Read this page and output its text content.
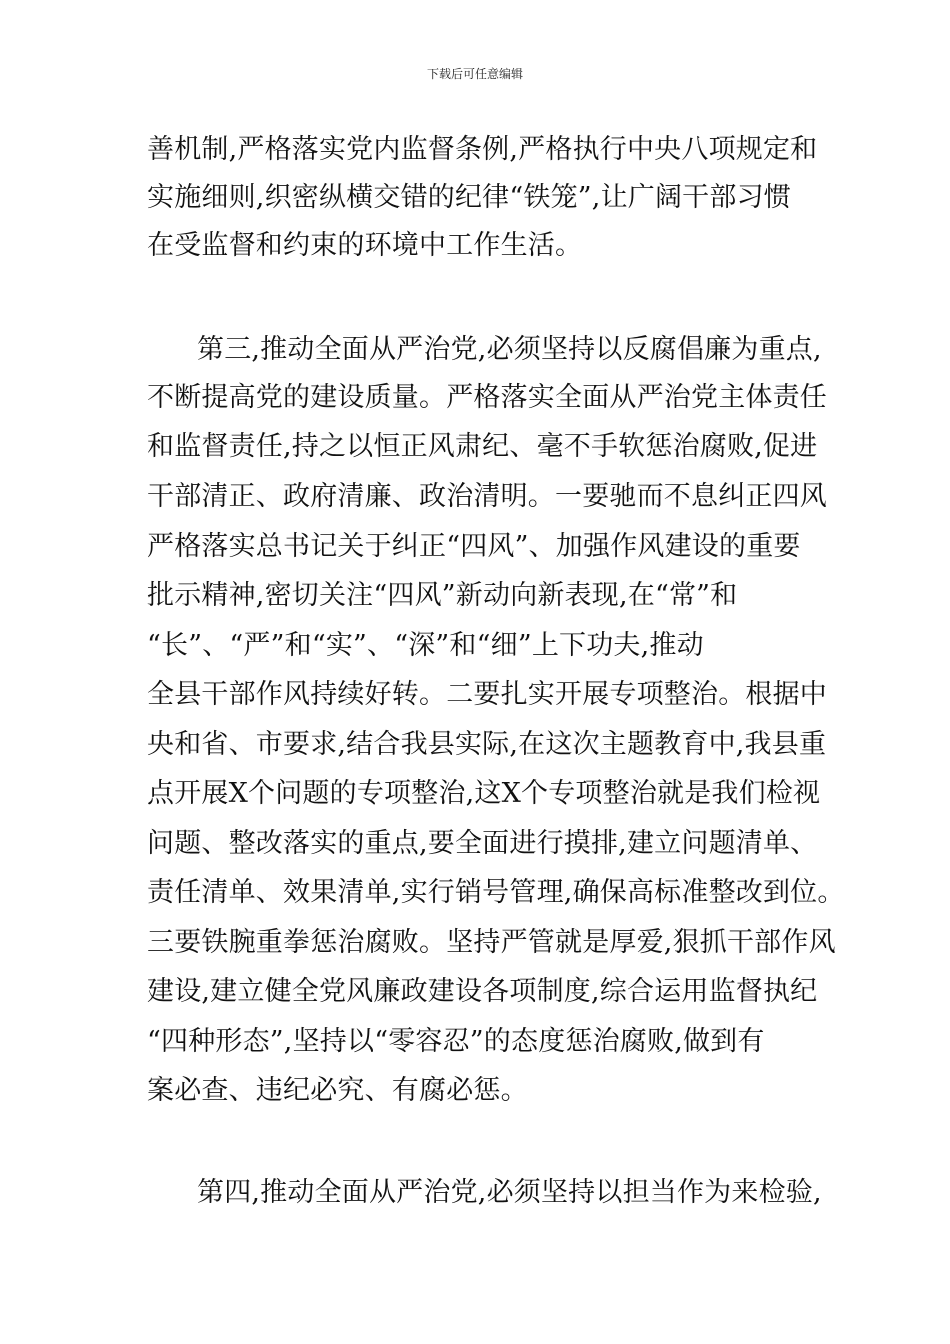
下载后可任意编辑
善机制,严格落实党内监督条例,严格执行中央八项规定和
实施细则,织密纵横交错的纪律“铁笼”,让广阔干部习惯
在受监督和约束的环境中工作生活。
第三,推动全面从严治党,必须坚持以反腐倡廉为重点,
不断提高党的建设质量。严格落实全面从严治党主体责任
和监督责任,持之以恒正风肃纪、毫不手软惩治腐败,促进
干部清正、政府清廉、政治清明。一要驰而不息纠正四风
严格落实总书记关于纠正“四风”、加强作风建设的重要
批示精神,密切关注“四风”新动向新表现,在“常”和
“长”、“严”和“实”、“深”和“细”上下功夫,推动
全县干部作风持续好转。二要扎实开展专项整治。根据中
央和省、市要求,结合我县实际,在这次主题教育中,我县重
点开展X个问题的专项整治,这X个专项整治就是我们检视
问题、整改落实的重点,要全面进行摸排,建立问题清单、
责任清单、效果清单,实行销号管理,确保高标准整改到位。
三要铁腕重拳惩治腐败。坚持严管就是厚爱,狠抓干部作风
建设,建立健全党风廉政建设各项制度,综合运用监督执纪
“四种形态”,坚持以“零容忍”的态度惩治腐败,做到有
案必查、违纪必究、有腐必惩。
第四,推动全面从严治党,必须坚持以担当作为来检验,
